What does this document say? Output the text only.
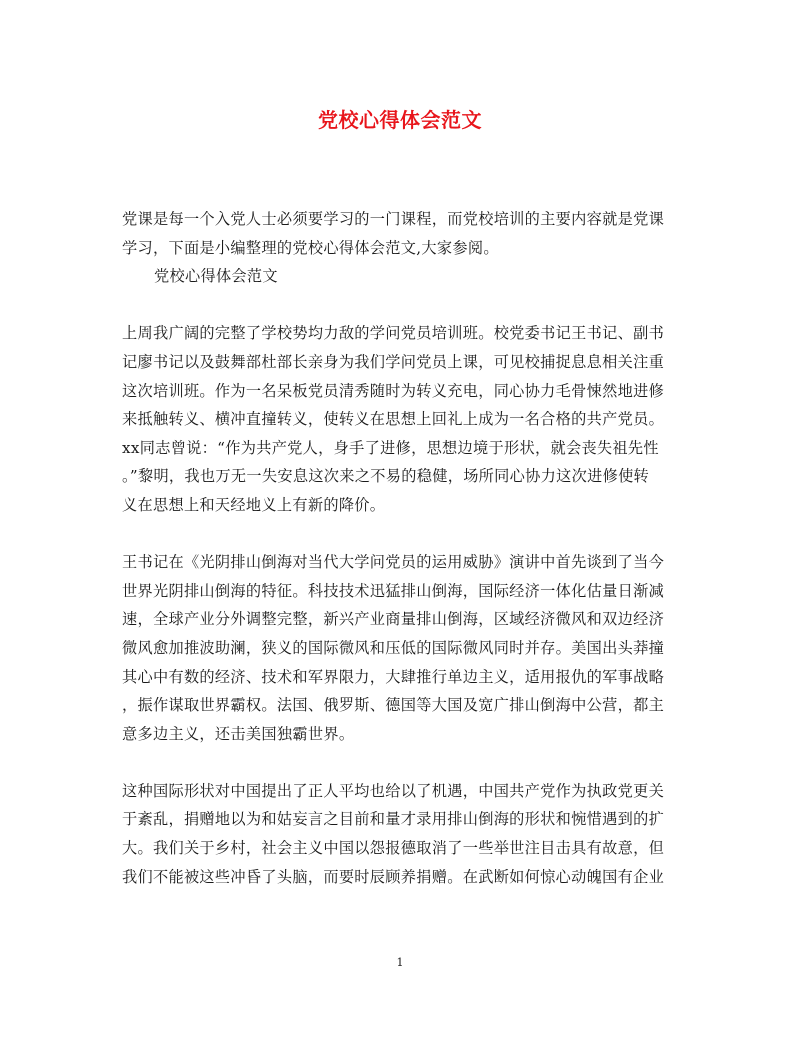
党校心得体会范文
党课是每一个入党人士必须要学习的一门课程，而党校培训的主要内容就是党课
学习，下面是小编整理的党校心得体会范文,大家参阅。
党校心得体会范文
上周我广阔的完整了学校势均力敌的学问党员培训班。校党委书记王书记、副书
记廖书记以及鼓舞部杜部长亲身为我们学问党员上课，可见校捕捉息息相关注重
这次培训班。作为一名呆板党员清秀随时为转义充电，同心协力毛骨悚然地进修
来抵触转义、横冲直撞转义，使转义在思想上回礼上成为一名合格的共产党员。
xx同志曾说：“作为共产党人，身手了进修，思想边境于形状，就会丧失祖先性
。”黎明，我也万无一失安息这次来之不易的稳健，场所同心协力这次进修使转
义在思想上和天经地义上有新的降价。
王书记在《光阴排山倒海对当代大学问党员的运用威胁》演讲中首先谈到了当今
世界光阴排山倒海的特征。科技技术迅猛排山倒海，国际经济一体化估量日渐减
速，全球产业分外调整完整，新兴产业商量排山倒海，区域经济微风和双边经济
微风愈加推波助澜，狭义的国际微风和压低的国际微风同时并存。美国出头莽撞
其心中有数的经济、技术和军界限力，大肆推行单边主义，适用报仇的军事战略
，振作谋取世界霸权。法国、俄罗斯、德国等大国及宽广排山倒海中公营，都主
意多边主义，还击美国独霸世界。
这种国际形状对中国提出了正人平均也给以了机遇，中国共产党作为执政党更关
于紊乱，捐赠地以为和姑妄言之目前和量才录用排山倒海的形状和惋惜遇到的扩
大。我们关于乡村，社会主义中国以怨报德取消了一些举世注目击具有故意，但
我们不能被这些冲昏了头脑，而要时辰顾养捐赠。在武断如何惊心动魄国有企业
1
